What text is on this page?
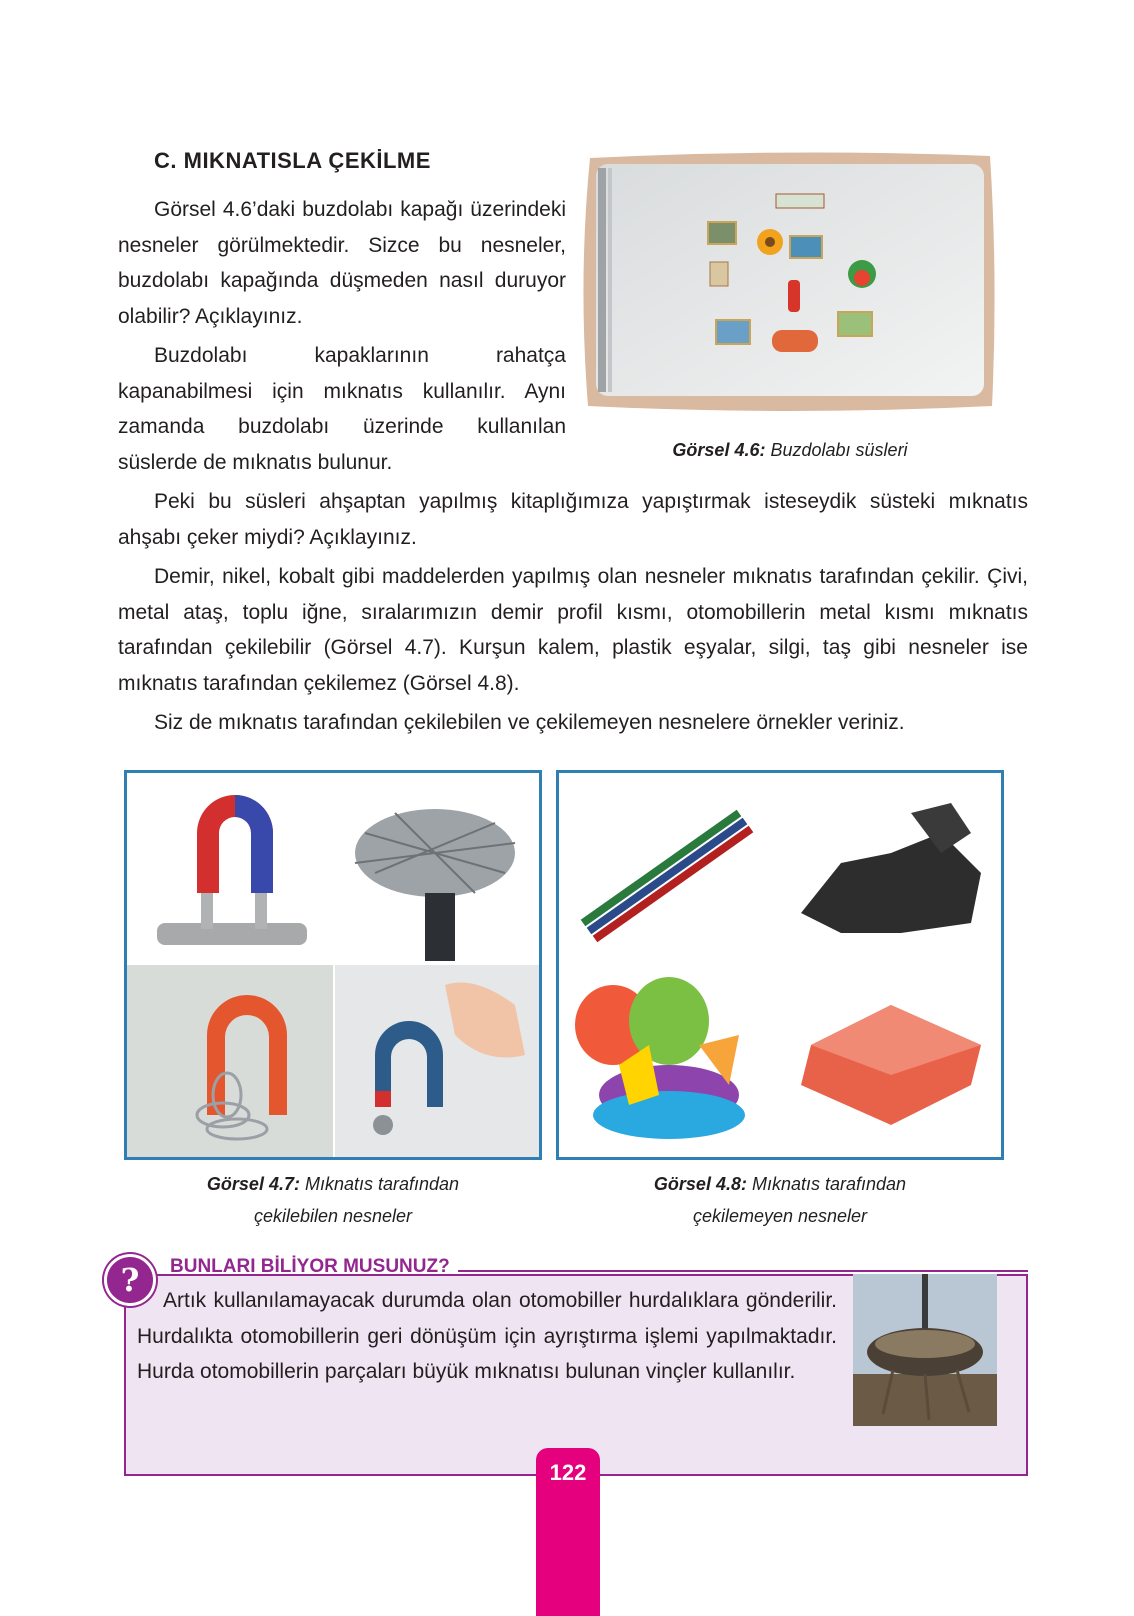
C. MIKNATISLA ÇEKİLME

Görsel 4.6’daki buzdolabı kapağı üzerindeki nesneler görülmektedir. Sizce bu nesneler, buzdolabı kapağında düşmeden nasıl duruyor olabilir? Açıklayınız.

Buzdolabı kapaklarının rahatça kapanabilmesi için mıknatıs kullanılır. Aynı zamanda buzdolabı üzerinde kullanılan süslerde de mıknatıs bulunur.

Görsel 4.6: Buzdolabı süsleri

Peki bu süsleri ahşaptan yapılmış kitaplığımıza yapıştırmak isteseydik süsteki mıknatıs ahşabı çeker miydi? Açıklayınız.

Demir, nikel, kobalt gibi maddelerden yapılmış olan nesneler mıknatıs tarafından çekilir. Çivi, metal ataş, toplu iğne, sıralarımızın demir profil kısmı, otomobillerin metal kısmı mıknatıs tarafından çekilebilir (Görsel 4.7). Kurşun kalem, plastik eşyalar, silgi, taş gibi nesneler ise mıknatıs tarafından çekilemez (Görsel 4.8).

Siz de mıknatıs tarafından çekilebilen ve çekilemeyen nesnelere örnekler veriniz.

Görsel 4.7: Mıknatıs tarafından
çekilebilen nesneler
Görsel 4.8: Mıknatıs tarafından
çekilemeyen nesneler
?	BUNLARI BİLİYOR MUSUNUZ?

Artık kullanılamayacak durumda olan otomobiller hurdalıklara gönderilir. Hurdalıkta otomobillerin geri dönüşüm için ayrıştırma işlemi yapılmaktadır. Hurda otomobillerin parçaları büyük mıknatısı bulunan vinçler kullanılır.

122
